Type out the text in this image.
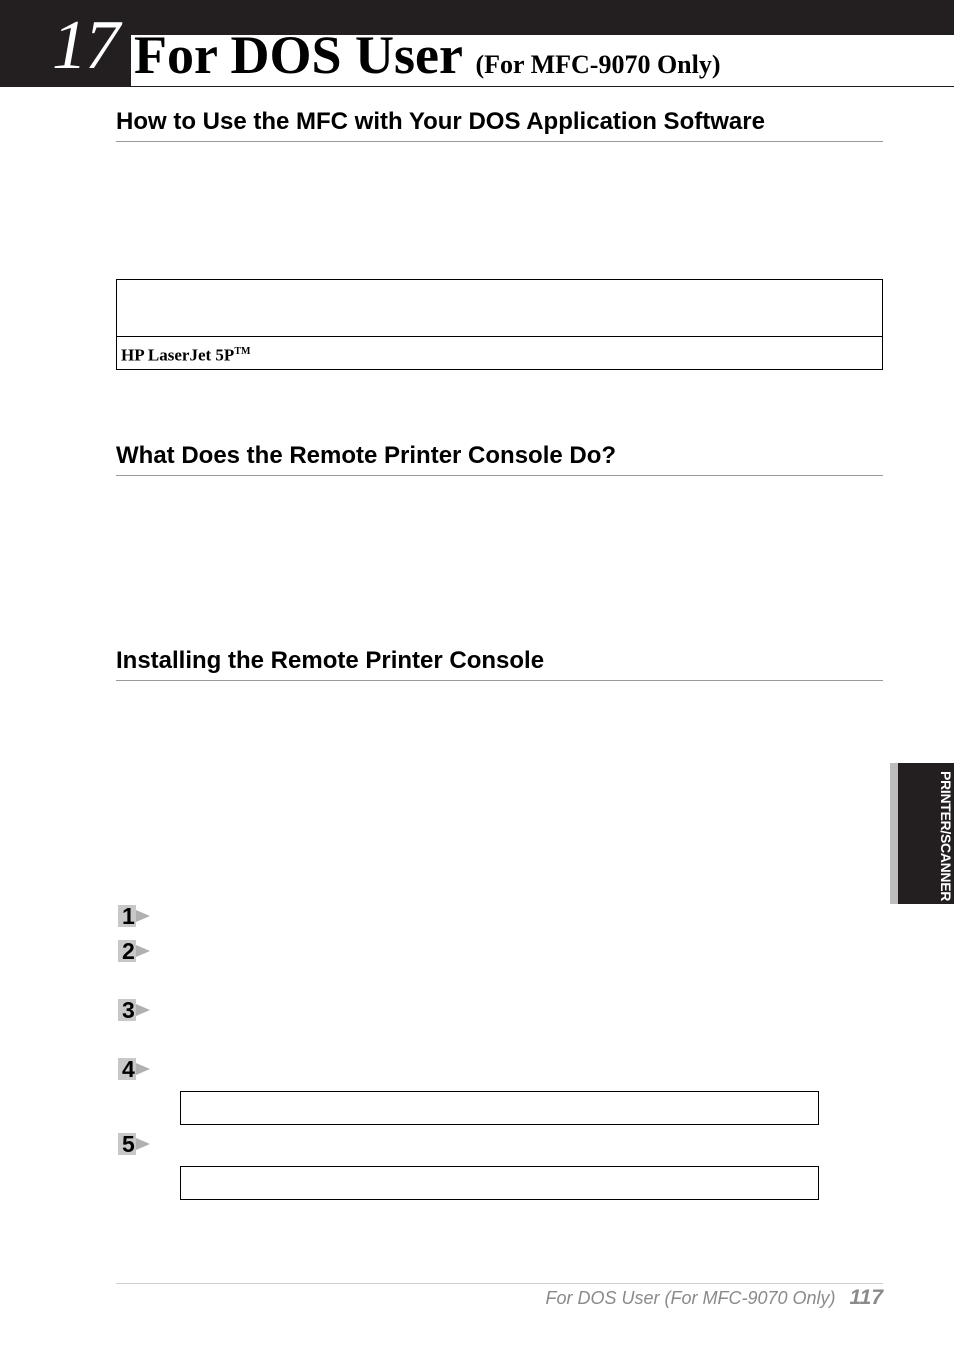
17 For DOS User (For MFC-9070 Only)
How to Use the MFC with Your DOS Application Software
HP LaserJet 5P™
What Does the Remote Printer Console Do?
Installing the Remote Printer Console
PRINTER/SCANNER
1
2
3
4
5
For DOS User (For MFC-9070 Only) 117
